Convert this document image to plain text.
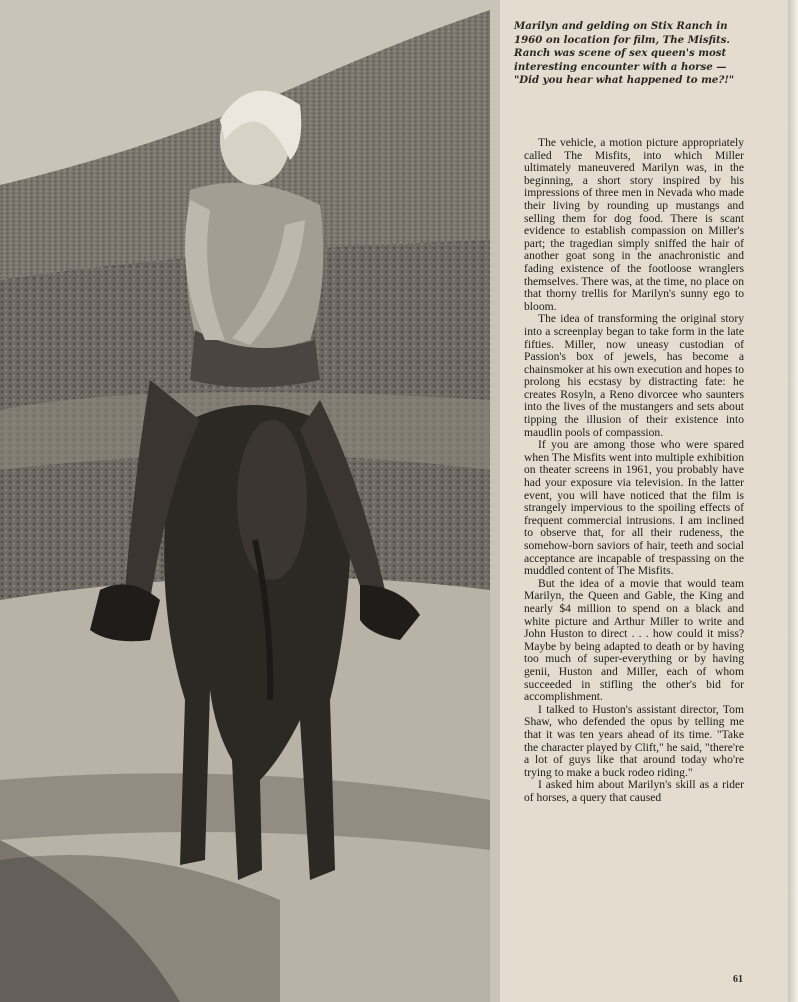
Marilyn and gelding on Stix Ranch in 1960 on location for film, The Misfits. Ranch was scene of sex queen's most interesting encounter with a horse — "Did you hear what happened to me?!"

The vehicle, a motion picture appropriately called The Misfits, into which Miller ultimately maneuvered Marilyn was, in the beginning, a short story inspired by his impressions of three men in Nevada who made their living by rounding up mustangs and selling them for dog food. There is scant evidence to establish compassion on Miller's part; the tragedian simply sniffed the hair of another goat song in the anachronistic and fading existence of the footloose wranglers themselves. There was, at the time, no place on that thorny trellis for Marilyn's sunny ego to bloom.

The idea of transforming the original story into a screenplay began to take form in the late fifties. Miller, now uneasy custodian of Passion's box of jewels, has become a chainsmoker at his own execution and hopes to prolong his ecstasy by distracting fate: he creates Rosyln, a Reno divorcee who saunters into the lives of the mustangers and sets about tipping the illusion of their existence into maudlin pools of compassion.

If you are among those who were spared when The Misfits went into multiple exhibition on theater screens in 1961, you probably have had your exposure via television. In the latter event, you will have noticed that the film is strangely impervious to the spoiling effects of frequent commercial intrusions. I am inclined to observe that, for all their rudeness, the somehow-born saviors of hair, teeth and social acceptance are incapable of trespassing on the muddled content of The Misfits.

But the idea of a movie that would team Marilyn, the Queen and Gable, the King and nearly $4 million to spend on a black and white picture and Arthur Miller to write and John Huston to direct . . . how could it miss? Maybe by being adapted to death or by having too much of super-everything or by having genii, Huston and Miller, each of whom succeeded in stifling the other's bid for accomplishment.

I talked to Huston's assistant director, Tom Shaw, who defended the opus by telling me that it was ten years ahead of its time. "Take the character played by Clift," he said, "there're a lot of guys like that around today who're trying to make a buck rodeo riding."

I asked him about Marilyn's skill as a rider of horses, a query that caused

61
